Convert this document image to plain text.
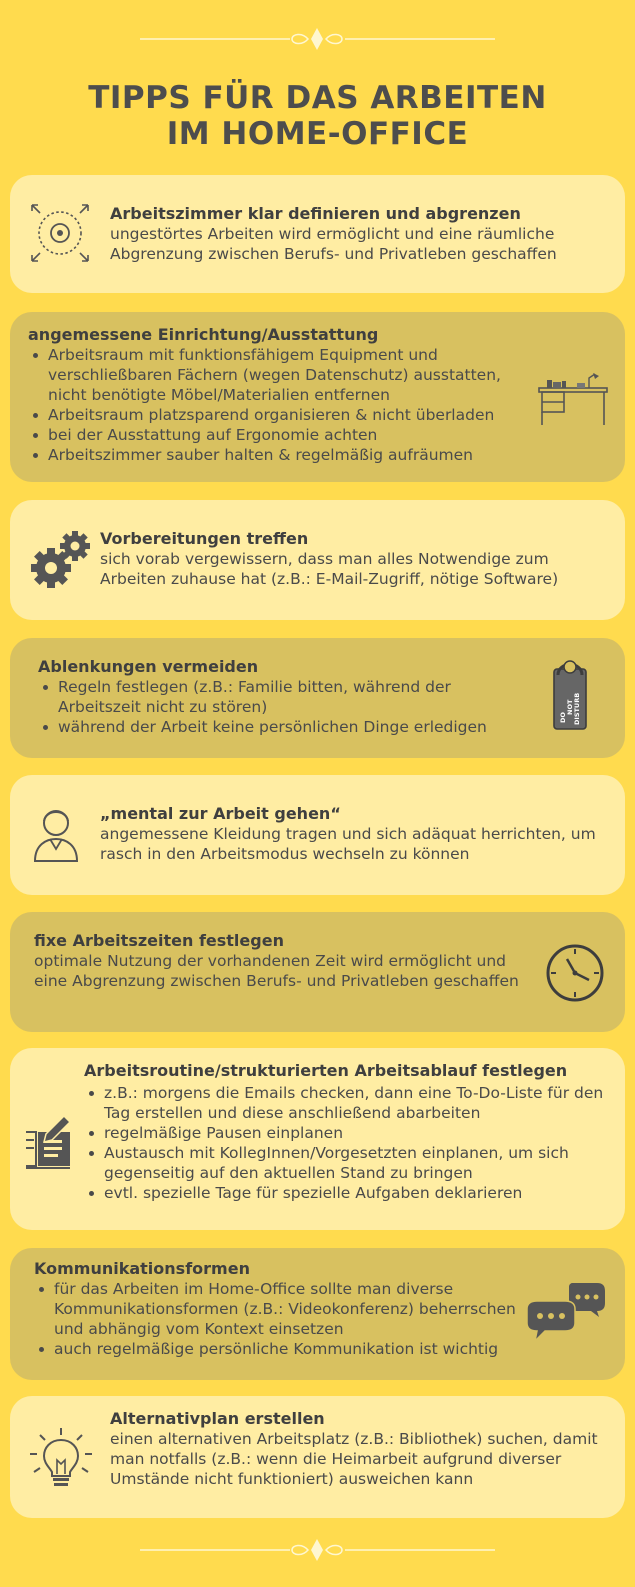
TIPPS FÜR DAS ARBEITEN
IM HOME-OFFICE
Arbeitszimmer klar definieren und abgrenzen

ungestörtes Arbeiten wird ermöglicht und eine räumliche Abgrenzung zwischen Berufs- und Privatleben geschaffen

angemessene Einrichtung/Ausstattung
Arbeitsraum mit funktionsfähigem Equipment und verschließbaren Fächern (wegen Datenschutz) ausstatten, nicht benötigte Möbel/Materialien entfernen
Arbeitsraum platzsparend organisieren & nicht überladen
bei der Ausstattung auf Ergonomie achten
Arbeitszimmer sauber halten & regelmäßig aufräumen
Vorbereitungen treffen

sich vorab vergewissern, dass man alles Notwendige zum Arbeiten zuhause hat (z.B.: E-Mail-Zugriff, nötige Software)

Ablenkungen vermeiden
Regeln festlegen (z.B.: Familie bitten, während der Arbeitszeit nicht zu stören)
während der Arbeit keine persönlichen Dinge erledigen
DO
NOT DISTURB
„mental zur Arbeit gehen“

angemessene Kleidung tragen und sich adäquat herrichten, um rasch in den Arbeitsmodus wechseln zu können

fixe Arbeitszeiten festlegen

optimale Nutzung der vorhandenen Zeit wird ermöglicht und eine Abgrenzung zwischen Berufs- und Privatleben geschaffen

Arbeitsroutine/strukturierten Arbeitsablauf festlegen
z.B.: morgens die Emails checken, dann eine To-Do-Liste für den Tag erstellen und diese anschließend abarbeiten
regelmäßige Pausen einplanen
Austausch mit KollegInnen/Vorgesetzten einplanen, um sich gegenseitig auf den aktuellen Stand zu bringen
evtl. spezielle Tage für spezielle Aufgaben deklarieren
Kommunikationsformen
für das Arbeiten im Home-Office sollte man diverse Kommunikationsformen (z.B.: Videokonferenz) beherrschen und abhängig vom Kontext einsetzen
auch regelmäßige persönliche Kommunikation ist wichtig
Alternativplan erstellen

einen alternativen Arbeitsplatz (z.B.: Bibliothek) suchen, damit man notfalls (z.B.: wenn die Heimarbeit aufgrund diverser Umstände nicht funktioniert) ausweichen kann
